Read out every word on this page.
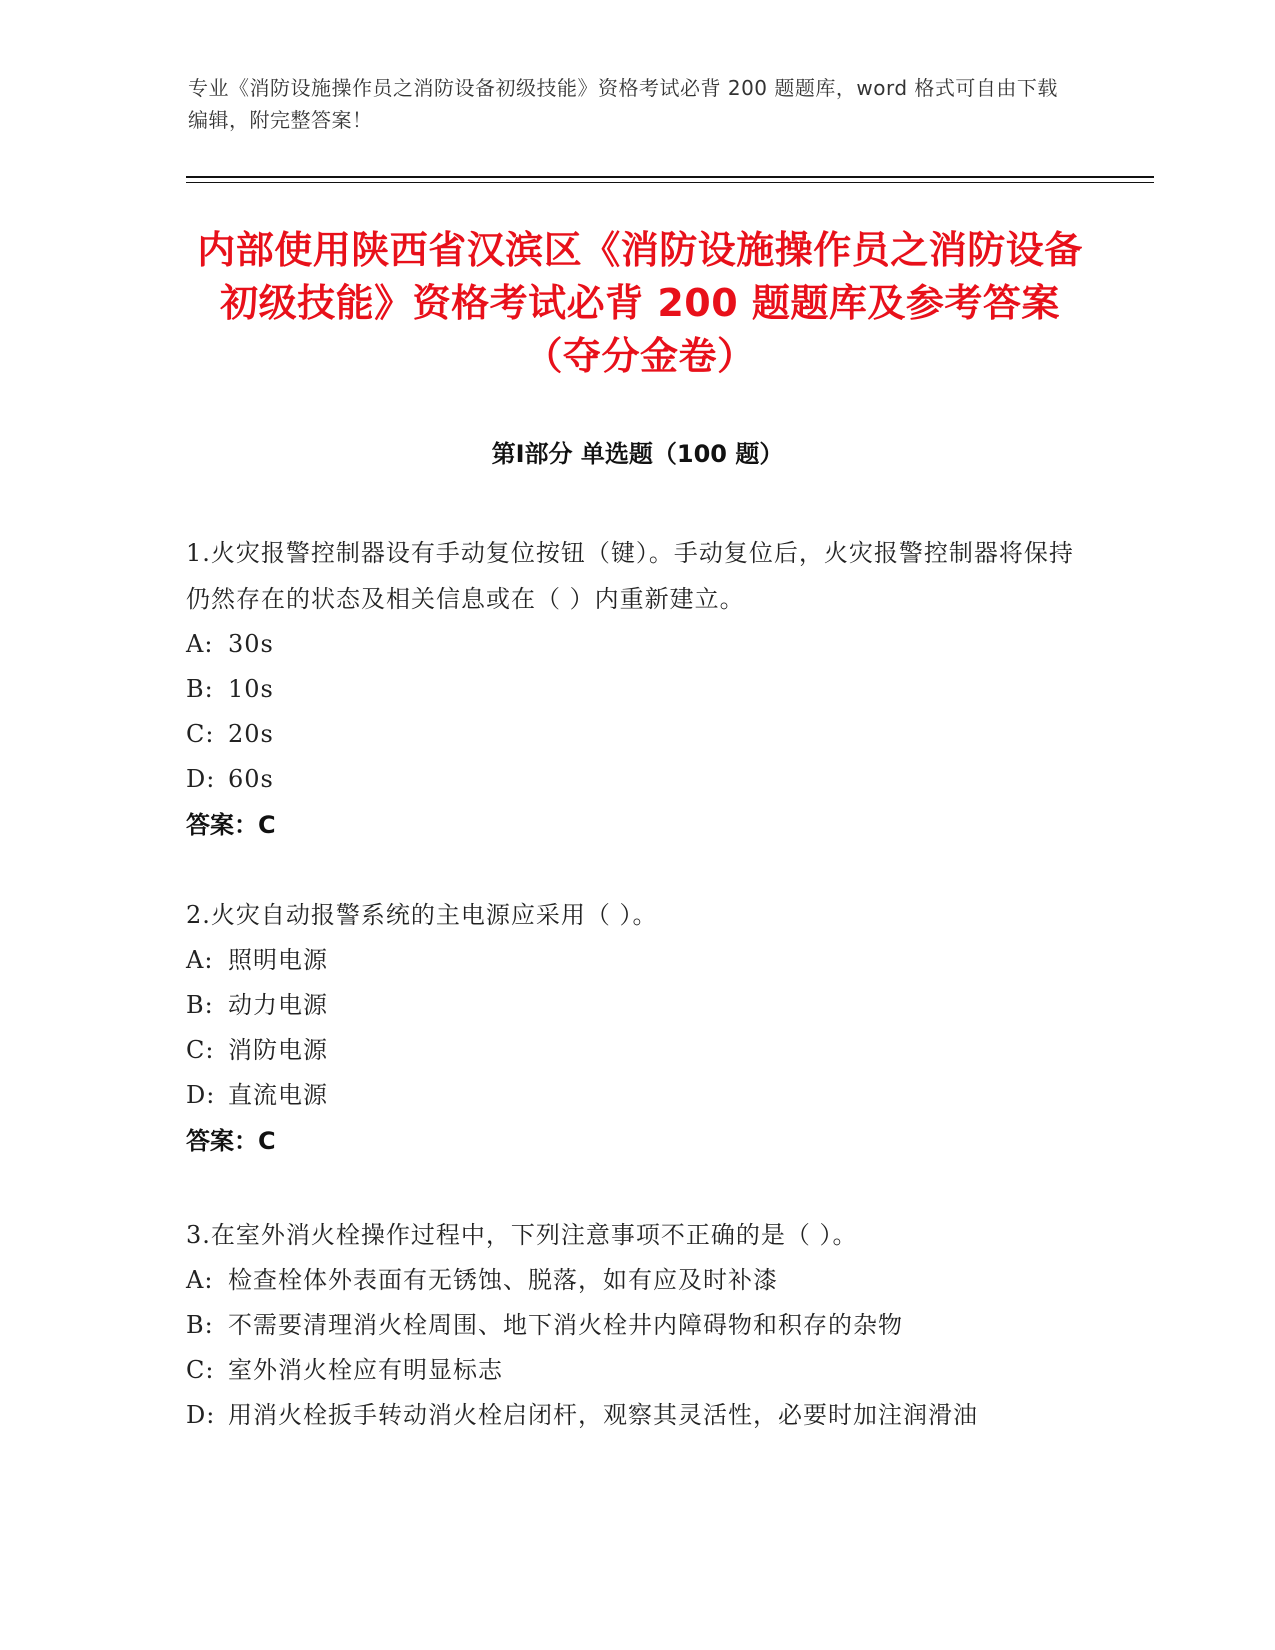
专业《消防设施操作员之消防设备初级技能》资格考试必背 200 题题库，word 格式可自由下载编辑，附完整答案！
内部使用陕西省汉滨区《消防设施操作员之消防设备初级技能》资格考试必背 200 题题库及参考答案（夺分金卷）
第Ⅰ部分 单选题（100 题）

1.火灾报警控制器设有手动复位按钮（键）。手动复位后，火灾报警控制器将保持仍然存在的状态及相关信息或在（ ）内重新建立。

A: 30s

B: 10s

C: 20s

D: 60s

答案：C

2.火灾自动报警系统的主电源应采用（ ）。

A: 照明电源

B: 动力电源

C: 消防电源

D: 直流电源

答案：C

3.在室外消火栓操作过程中，下列注意事项不正确的是（ ）。

A: 检查栓体外表面有无锈蚀、脱落，如有应及时补漆

B: 不需要清理消火栓周围、地下消火栓井内障碍物和积存的杂物

C: 室外消火栓应有明显标志

D: 用消火栓扳手转动消火栓启闭杆，观察其灵活性，必要时加注润滑油
